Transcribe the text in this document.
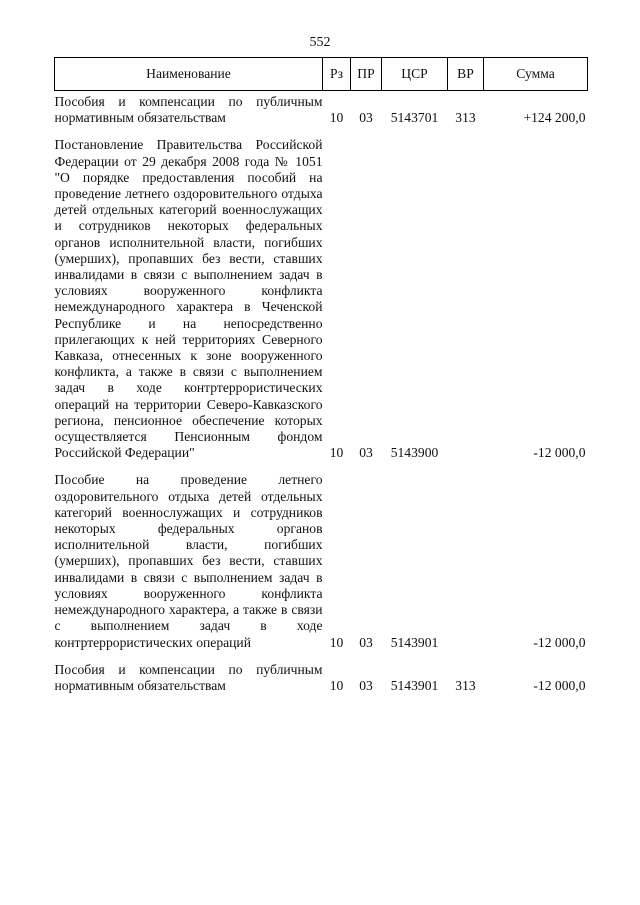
552
Наименование	Рз	ПР	ЦСР	ВР	Сумма
Пособия и компенсации по публичным нормативным обязательствам	10	03	5143701	313	+124 200,0
Постановление Правительства Российской Федерации от 29 декабря 2008 года № 1051 "О порядке предоставления пособий на проведение летнего оздоровительного отдыха детей отдельных категорий военнослужащих и сотрудников некоторых федеральных органов исполнительной власти, погибших (умерших), пропавших без вести, ставших инвалидами в связи с выполнением задач в условиях вооруженного конфликта немеждународного характера в Чеченской Республике и на непосредственно прилегающих к ней территориях Северного Кавказа, отнесенных к зоне вооруженного конфликта, а также в связи с выполнением задач в ходе контртеррористических операций на территории Северо-Кавказского региона, пенсионное обеспечение которых осуществляется Пенсионным фондом Российской Федерации"	10	03	5143900		-12 000,0
Пособие на проведение летнего оздоровительного отдыха детей отдельных категорий военнослужащих и сотрудников некоторых федеральных органов исполнительной власти, погибших (умерших), пропавших без вести, ставших инвалидами в связи с выполнением задач в условиях вооруженного конфликта немеждународного характера, а также в связи с выполнением задач в ходе контртеррористических операций	10	03	5143901		-12 000,0
Пособия и компенсации по публичным нормативным обязательствам	10	03	5143901	313	-12 000,0
